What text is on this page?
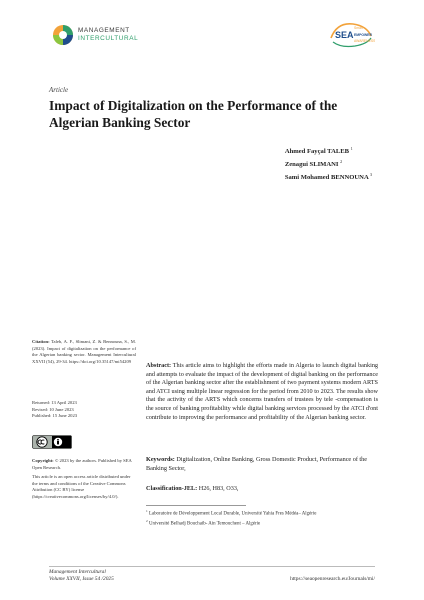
MANAGEMENT
INTERCULTURAL	SEA
Smart
EMPOWER
AWARENESS
Article
Impact of Digitalization on the Performance of the Algerian Banking Sector
Ahmed Fayçal TALEB $^1$
Zenagui SLIMANI $^2$
Sami Mohamed BENNOUNA $^3$
Citation: Taleb, A. F., Slimani, Z. & Bennouna, S., M. (2023). Impact of digitalization on the performance of the Algerian banking sector. Management Intercultural XXVII (54), 29-34. https://doi.org/10.35147/mi54209
Returned: 13 April 2023
Revised: 10 June 2023
Published: 15 June 2023
Copyright: © 2023 by the authors. Published by SEA Open Research.
This article is an open access article distributed under the terms and conditions of the Creative Commons Attribution (CC BY) license (https://creativecommons.org/licenses/by/4.0/).
Abstract: This article aims to highlight the efforts made in Algeria to launch digital banking and attempts to evaluate the impact of the development of digital banking on the performance of the Algerian banking sector after the establishment of two payment systems modern ARTS and ATCI using multiple linear regression for the period from 2010 to 2023. The results show that the activity of the ARTS which concerns transfers of trustees by tele -compensation is the source of banking profitability while digital banking services processed by the ATCI d'ont contribute to improving the performance and profitability of the Algerian banking sector.
Keywords: Digitalization, Online Banking, Gross Domestic Product, Performance of the Banking Sector,
Classification-JEL: H26, H83, O33,
$^1$ Laboratoire de Développement Local Durable, Université Yahia Fres Médéa– Algérie
$^2$ Université Belhadj Bouchaib- Ain Temouchent – Algérie
Management Intercultural
Volume XXVII, Issue 54 /2025	https://seaopenresearch.eu/Journals/mi/
